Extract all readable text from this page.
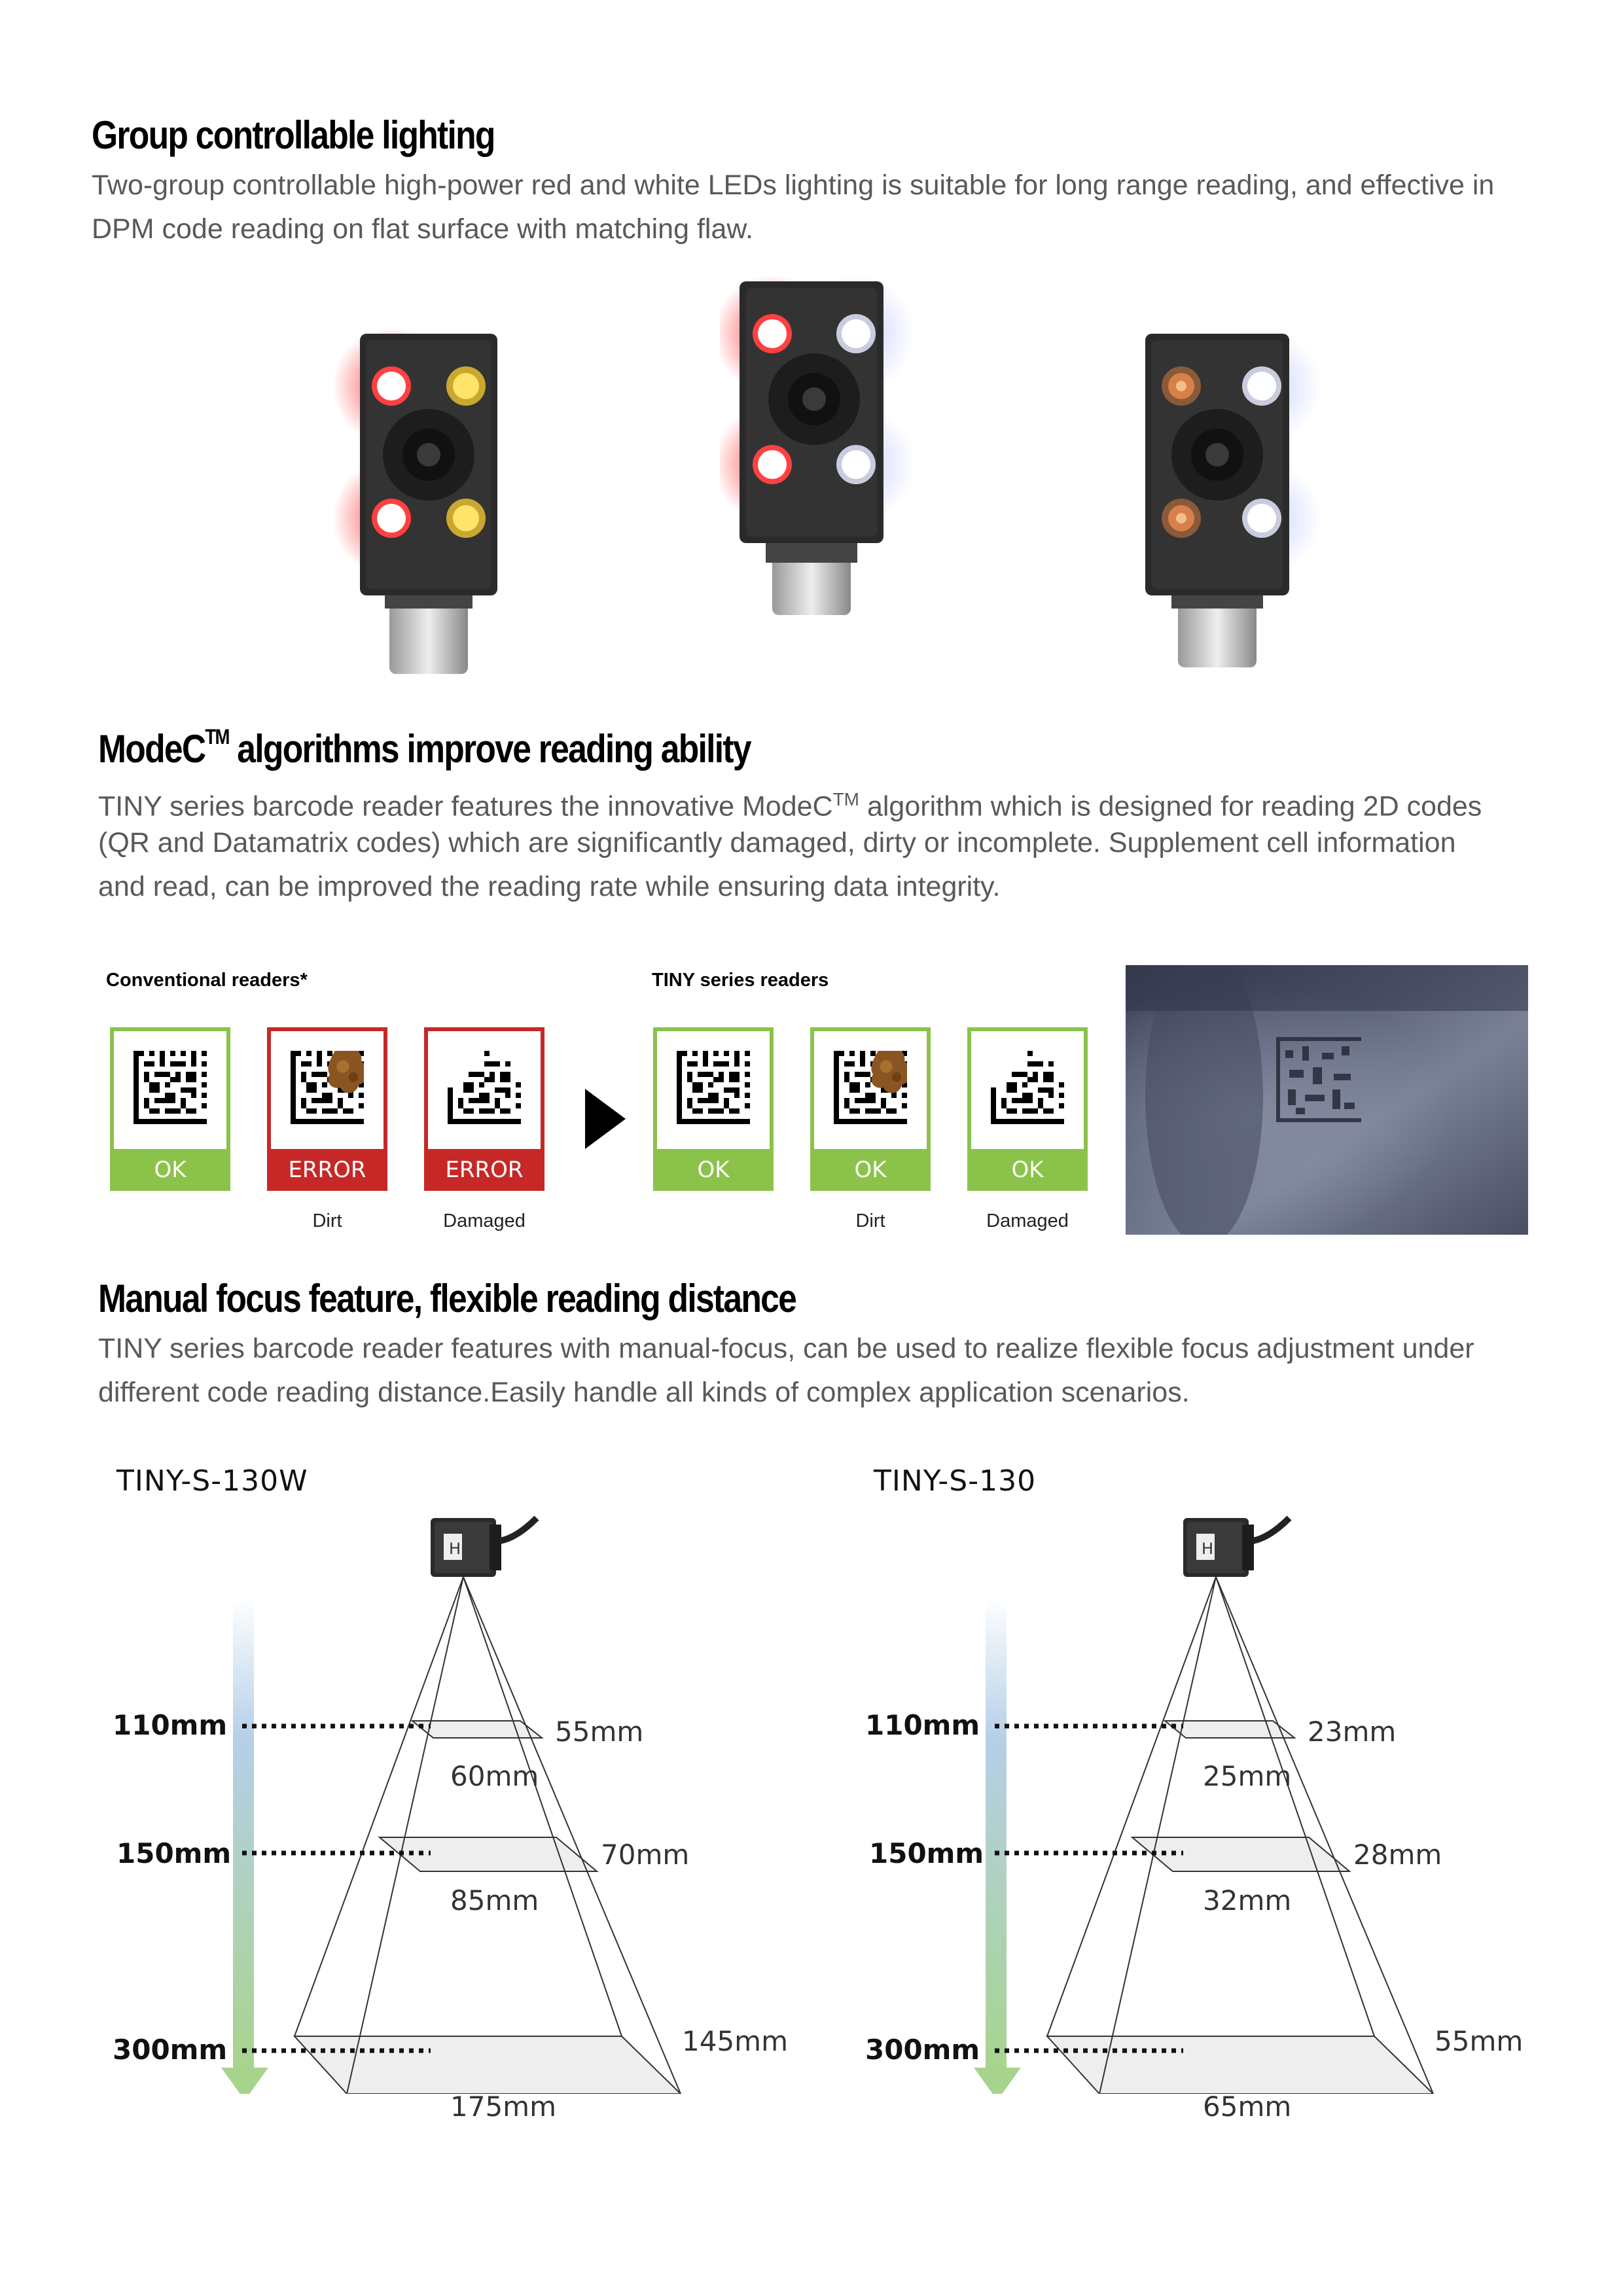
Group controllable lighting

Two-group controllable high-power red and white LEDs lighting is suitable for long range reading, and effective in

DPM code reading on flat surface with matching flaw.

ModeC™ algorithms improve reading ability

TINY series barcode reader features the innovative ModeC™ algorithm which is designed for reading 2D codes

(QR and Datamatrix codes) which are significantly damaged, dirty or incomplete. Supplement cell information

and read, can be improved the reading rate while ensuring data integrity.

Conventional readers*	TINY series readers
OK	ERROR	ERROR
Dirt	Damaged
OK	OK	OK
Dirt	Damaged
Manual focus feature, flexible reading distance

TINY series barcode reader features with manual-focus, can be used to realize flexible focus adjustment under

different code reading distance.Easily handle all kinds of complex application scenarios.

TINY-S-130W
110mm
150mm
300mm
55mm
60mm
70mm
85mm
145mm
175mm
TINY-S-130
110mm
150mm
300mm
23mm
25mm
28mm
32mm
55mm
65mm
H
